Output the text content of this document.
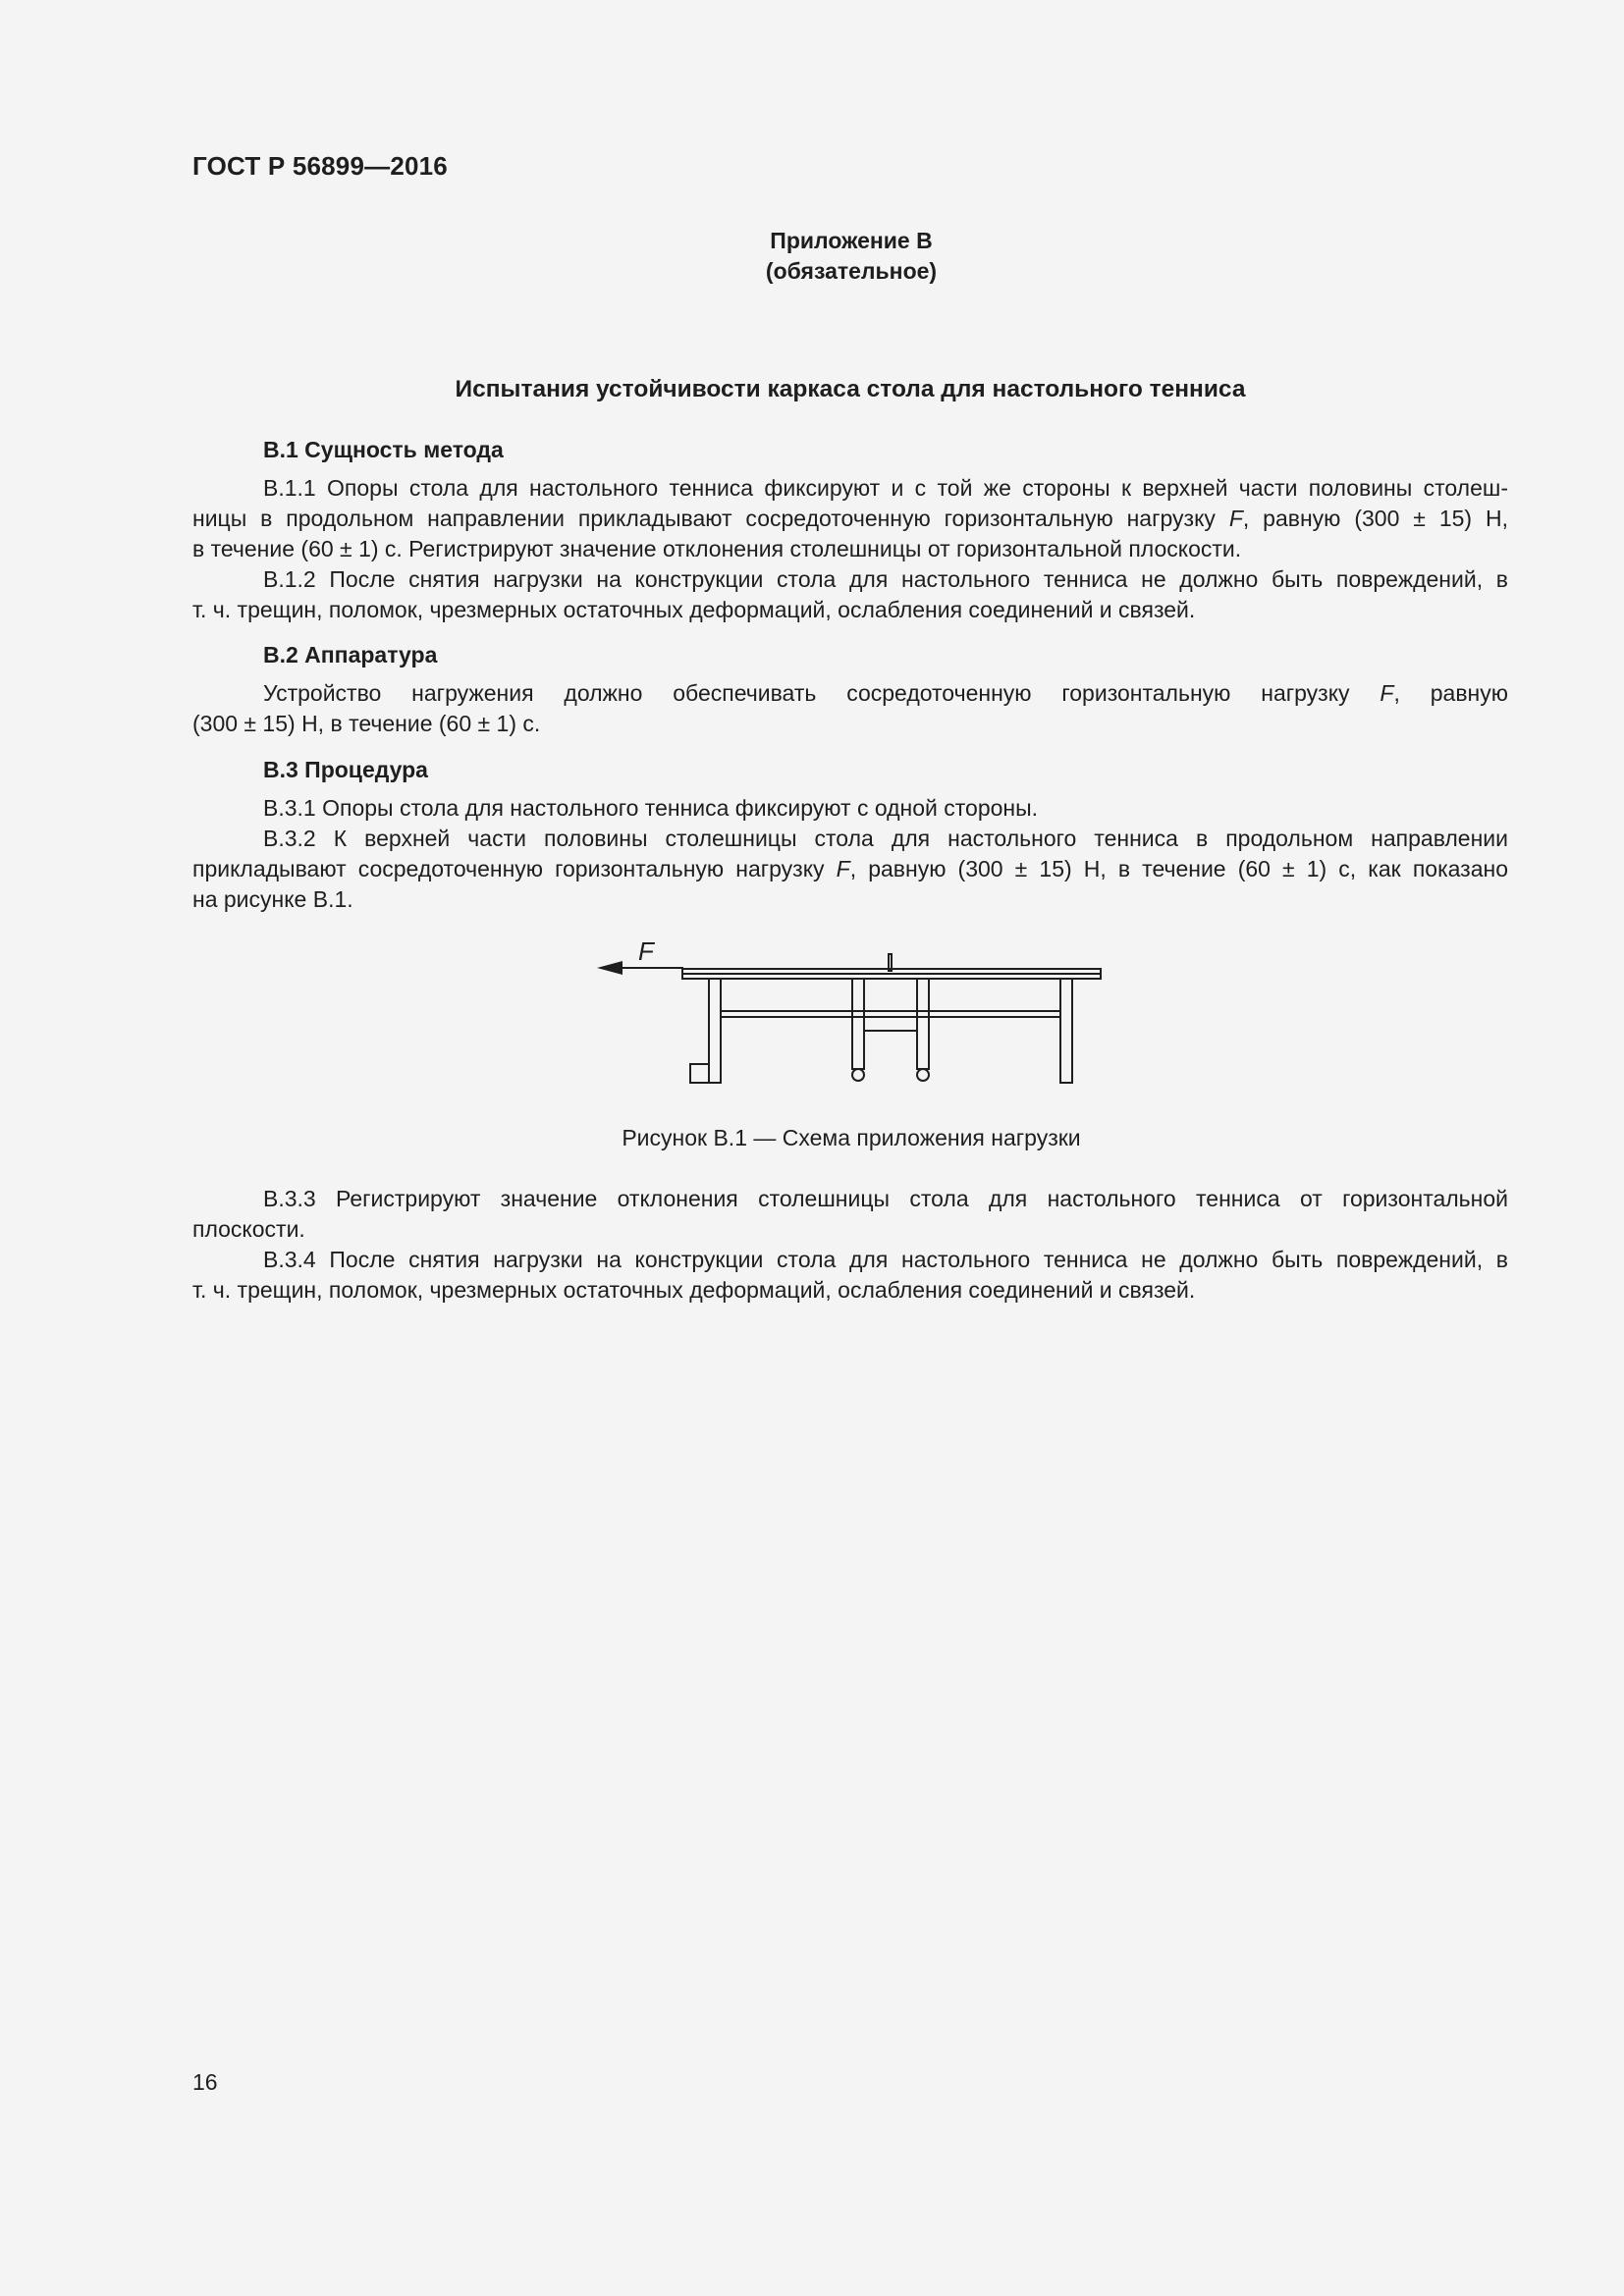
ГОСТ Р 56899—2016
Приложение В
(обязательное)
Испытания устойчивости каркаса стола для настольного тенниса
В.1 Сущность метода
В.1.1 Опоры стола для настольного тенниса фиксируют и с той же стороны к верхней части половины столеш-
ницы в продольном направлении прикладывают сосредоточенную горизонтальную нагрузку F, равную (300 ± 15) Н,
в течение (60 ± 1) с. Регистрируют значение отклонения столешницы от горизонтальной плоскости.
В.1.2 После снятия нагрузки на конструкции стола для настольного тенниса не должно быть повреждений, в
т. ч. трещин, поломок, чрезмерных остаточных деформаций, ослабления соединений и связей.
В.2 Аппаратура
Устройство нагружения должно обеспечивать сосредоточенную горизонтальную нагрузку F, равную
(300 ± 15) Н, в течение (60 ± 1) с.
В.3 Процедура
В.3.1 Опоры стола для настольного тенниса фиксируют с одной стороны.
В.3.2 К верхней части половины столешницы стола для настольного тенниса в продольном направлении
прикладывают сосредоточенную горизонтальную нагрузку F, равную (300 ± 15) Н, в течение (60 ± 1) с, как показано
на рисунке В.1.
F
Рисунок В.1 — Схема приложения нагрузки
В.3.3 Регистрируют значение отклонения столешницы стола для настольного тенниса от горизонтальной
плоскости.
В.3.4 После снятия нагрузки на конструкции стола для настольного тенниса не должно быть повреждений, в
т. ч. трещин, поломок, чрезмерных остаточных деформаций, ослабления соединений и связей.
16
